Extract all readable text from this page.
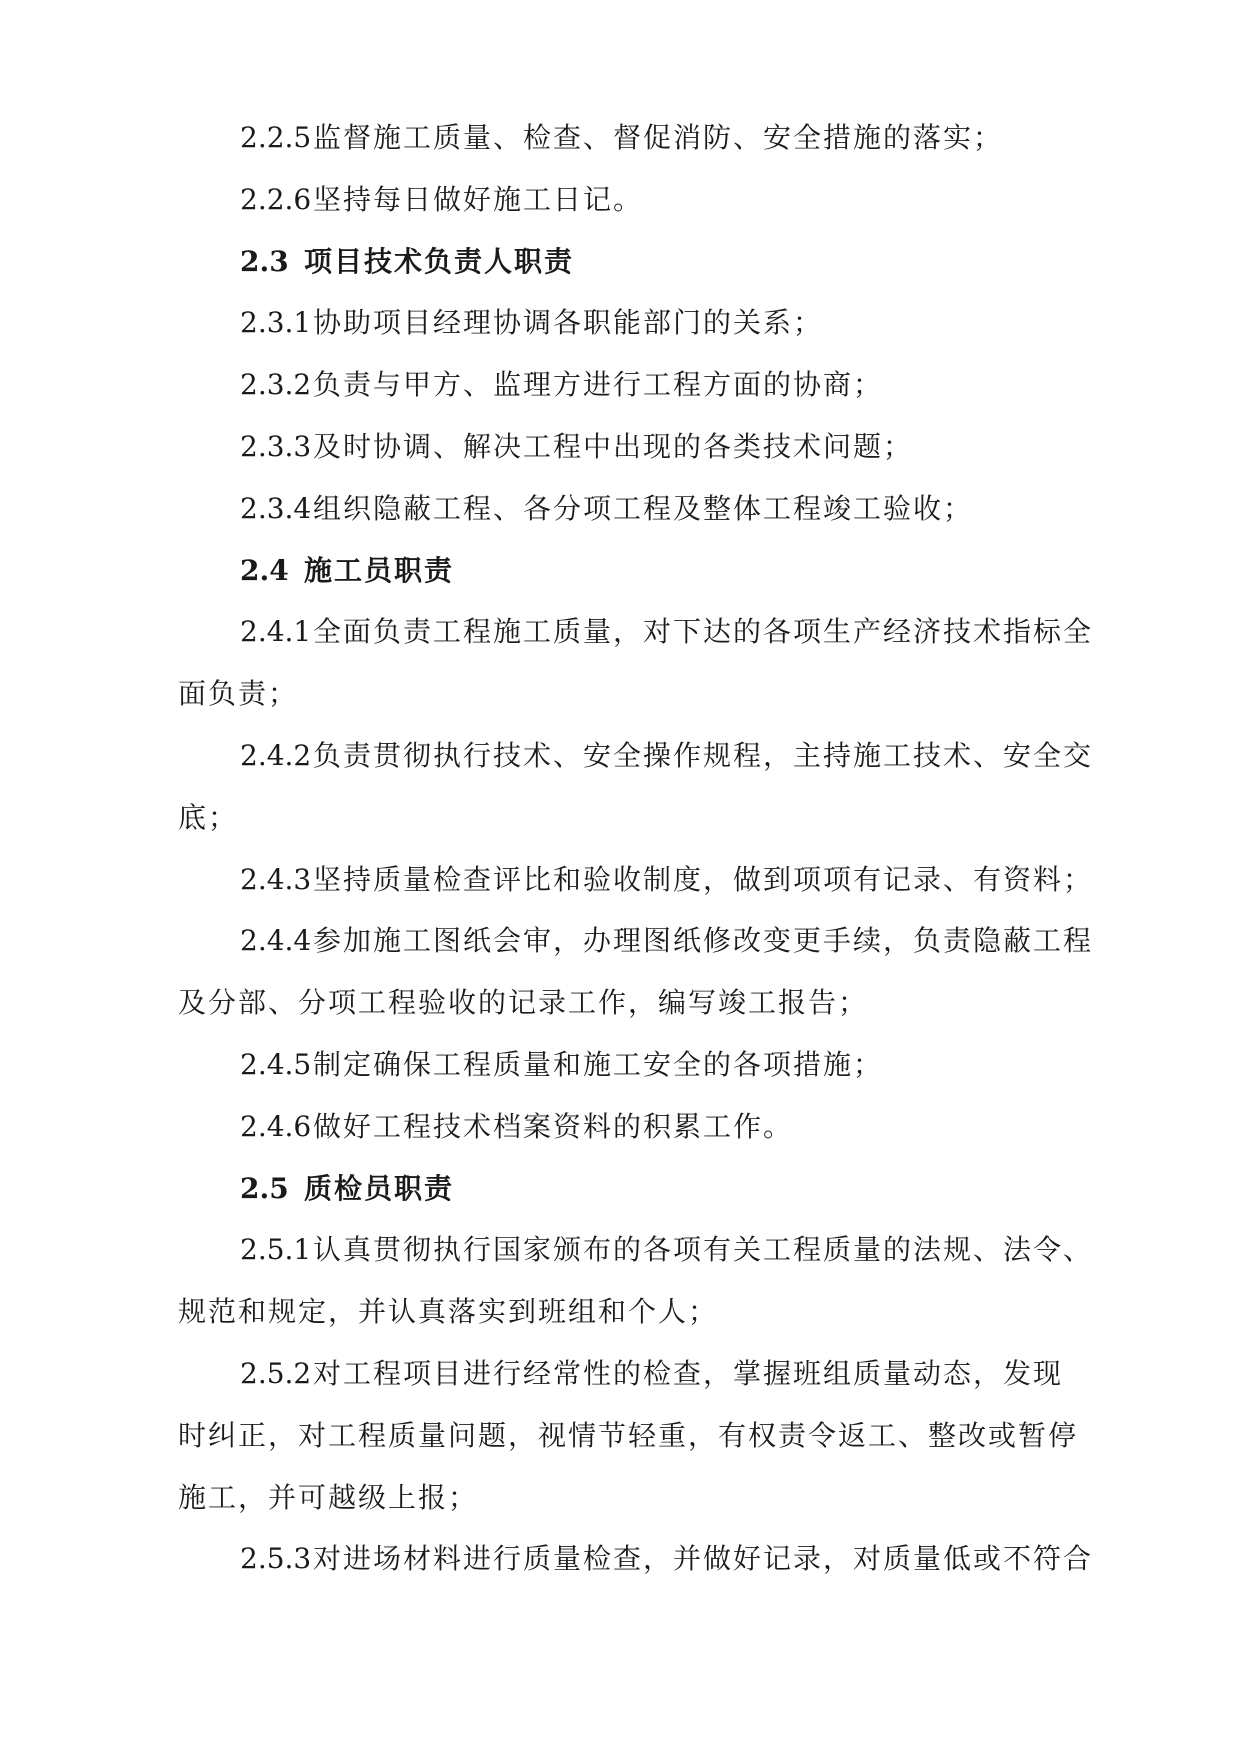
2.2.5 监督施工质量、检查、督促消防、安全措施的落实；
2.2.6 坚持每日做好施工日记。
2.3 项目技术负责人职责
2.3.1 协助项目经理协调各职能部门的关系；
2.3.2 负责与甲方、监理方进行工程方面的协商；
2.3.3 及时协调、解决工程中出现的各类技术问题；
2.3.4 组织隐蔽工程、各分项工程及整体工程竣工验收；
2.4 施工员职责
2.4.1 全面负责工程施工质量，对下达的各项生产经济技术指标全
面负责；
2.4.2 负责贯彻执行技术、安全操作规程，主持施工技术、安全交
底；
2.4.3 坚持质量检查评比和验收制度，做到项项有记录、有资料；
2.4.4 参加施工图纸会审，办理图纸修改变更手续，负责隐蔽工程
及分部、分项工程验收的记录工作，编写竣工报告；
2.4.5 制定确保工程质量和施工安全的各项措施；
2.4.6 做好工程技术档案资料的积累工作。
2.5 质检员职责
2.5.1 认真贯彻执行国家颁布的各项有关工程质量的法规、法令、
规范和规定，并认真落实到班组和个人；
2.5.2 对工程项目进行经常性的检查，掌握班组质量动态，发现
时纠正，对工程质量问题，视情节轻重，有权责令返工、整改或暂停
施工，并可越级上报；
2.5.3 对进场材料进行质量检查，并做好记录，对质量低或不符合
